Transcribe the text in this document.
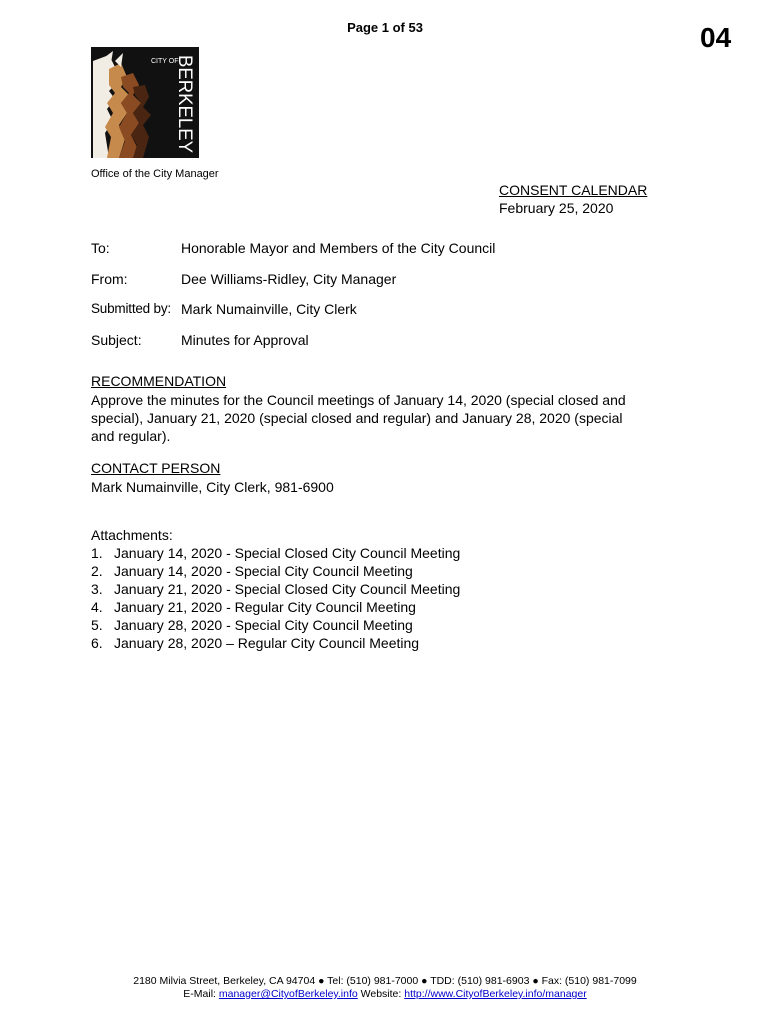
Page 1 of 53	04
CITY OF
BERKELEY
Office of the City Manager
CONSENT CALENDAR
February 25, 2020
To:	Honorable Mayor and Members of the City Council
From:	Dee Williams-Ridley, City Manager
Submitted by: Mark Numainville, City Clerk
Subject:	Minutes for Approval
RECOMMENDATION
Approve the minutes for the Council meetings of January 14, 2020 (special closed and
special), January 21, 2020 (special closed and regular) and January 28, 2020 (special
and regular).
CONTACT PERSON
Mark Numainville, City Clerk, 981-6900
Attachments:
1. January 14, 2020 - Special Closed City Council Meeting
2. January 14, 2020 - Special City Council Meeting
3. January 21, 2020 - Special Closed City Council Meeting
4. January 21, 2020 - Regular City Council Meeting
5. January 28, 2020 - Special City Council Meeting
6. January 28, 2020 – Regular City Council Meeting
2180 Milvia Street, Berkeley, CA 94704 ● Tel: (510) 981-7000 ● TDD: (510) 981-6903 ● Fax: (510) 981-7099
E-Mail: manager@CityofBerkeley.info Website: http://www.CityofBerkeley.info/manager
